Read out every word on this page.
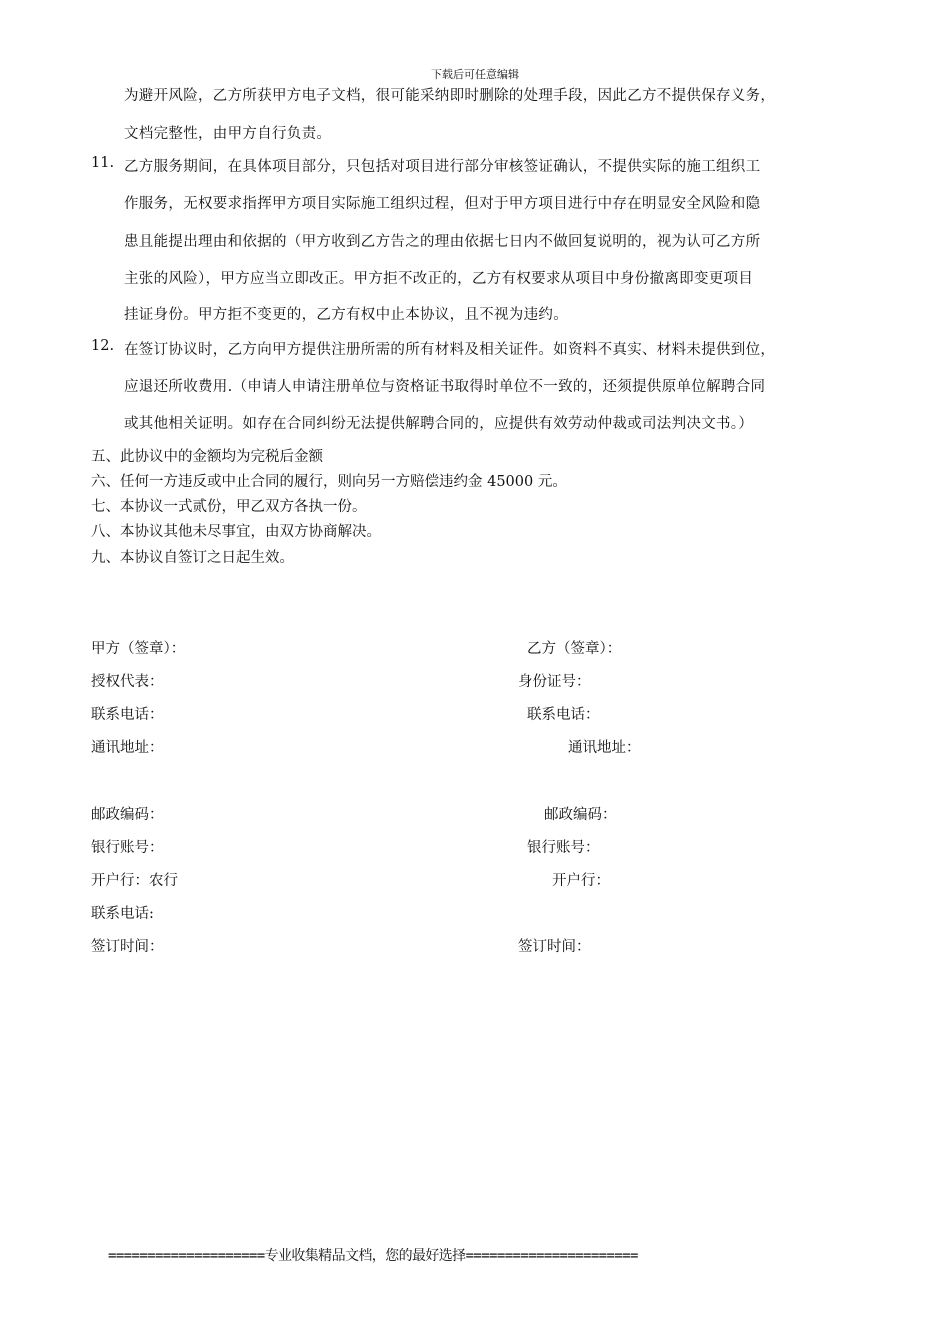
下载后可任意编辑
为避开风险，乙方所获甲方电子文档，很可能采纳即时删除的处理手段，因此乙方不提供保存义务，
文档完整性，由甲方自行负责。
11. 乙方服务期间，在具体项目部分，只包括对项目进行部分审核签证确认，不提供实际的施工组织工
作服务，无权要求指挥甲方项目实际施工组织过程，但对于甲方项目进行中存在明显安全风险和隐
患且能提出理由和依据的（甲方收到乙方告之的理由依据七日内不做回复说明的，视为认可乙方所
主张的风险），甲方应当立即改正。甲方拒不改正的，乙方有权要求从项目中身份撤离即变更项目
挂证身份。甲方拒不变更的，乙方有权中止本协议，且不视为违约。
12. 在签订协议时，乙方向甲方提供注册所需的所有材料及相关证件。如资料不真实、材料未提供到位，
应退还所收费用.（申请人申请注册单位与资格证书取得时单位不一致的，还须提供原单位解聘合同
或其他相关证明。如存在合同纠纷无法提供解聘合同的，应提供有效劳动仲裁或司法判决文书。）
五、此协议中的金额均为完税后金额
六、任何一方违反或中止合同的履行，则向另一方赔偿违约金 45000 元。
七、本协议一式贰份，甲乙双方各执一份。
八、本协议其他未尽事宜，由双方协商解决。
九、本协议自签订之日起生效。
甲方（签章）：
授权代表：
联系电话：
通讯地址：
邮政编码：
银行账号：
开户行：农行
联系电话:
签订时间：
乙方（签章）：
身份证号：
联系电话：
通讯地址：
邮政编码：
银行账号：
开户行：
签订时间：
====================专业收集精品文档，您的最好选择======================
